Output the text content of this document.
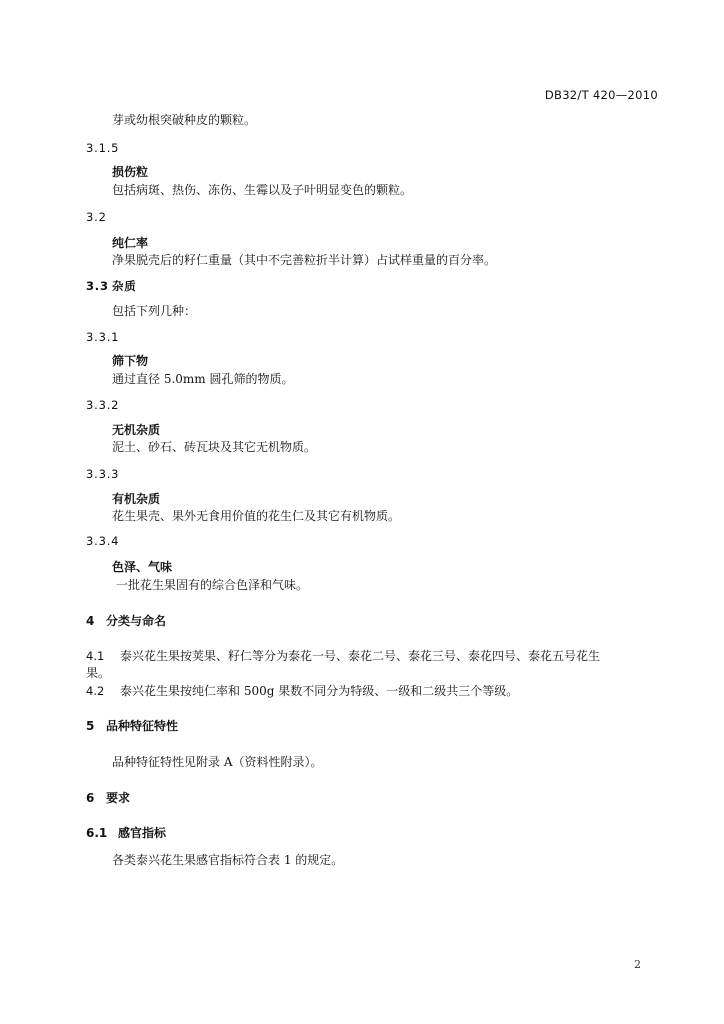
DB32/T 420—2010
芽或幼根突破种皮的颗粒。
3.1.5
损伤粒
包括病斑、热伤、冻伤、生霉以及子叶明显变色的颗粒。
3.2
纯仁率
净果脱壳后的籽仁重量（其中不完善粒折半计算）占试样重量的百分率。
3.3 杂质
包括下列几种：
3.3.1
筛下物
通过直径 5.0mm 圆孔筛的物质。
3.3.2
无机杂质
泥土、砂石、砖瓦块及其它无机物质。
3.3.3
有机杂质
花生果壳、果外无食用价值的花生仁及其它有机物质。
3.3.4
色泽、气味
一批花生果固有的综合色泽和气味。
4 分类与命名
4.1 泰兴花生果按荚果、籽仁等分为泰花一号、泰花二号、泰花三号、泰花四号、泰花五号花生
果。
4.2 泰兴花生果按纯仁率和 500g 果数不同分为特级、一级和二级共三个等级。
5 品种特征特性
品种特征特性见附录 A（资料性附录）。
6 要求
6.1 感官指标
各类泰兴花生果感官指标符合表 1 的规定。
2
